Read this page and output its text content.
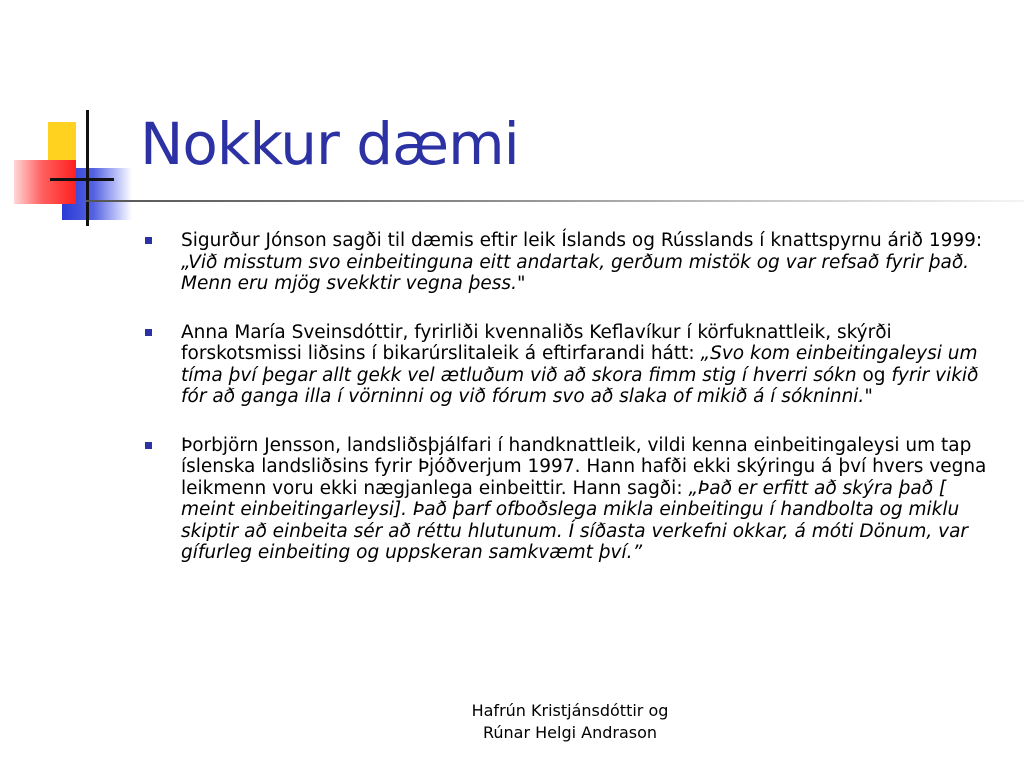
Nokkur dæmi
Sigurður Jónson sagði til dæmis eftir leik Íslands og Rússlands í knattspyrnu árið 1999: „Við misstum svo einbeitinguna eitt andartak, gerðum mistök og var refsað fyrir það. Menn eru mjög svekktir vegna þess."
Anna María Sveinsdóttir, fyrirliði kvennaliðs Keflavíkur í körfuknattleik, skýrði forskotsmissi liðsins í bikarúrslitaleik á eftirfarandi hátt: „Svo kom einbeitingaleysi um tíma því þegar allt gekk vel ætluðum við að skora fimm stig í hverri sókn og fyrir vikið fór að ganga illa í vörninni og við fórum svo að slaka of mikið á í sókninni."
Þorbjörn Jensson, landsliðsþjálfari í handknattleik, vildi kenna einbeitingaleysi um tap íslenska landsliðsins fyrir Þjóðverjum 1997. Hann hafði ekki skýringu á því hvers vegna leikmenn voru ekki nægjanlega einbeittir. Hann sagði: „Það er erfitt að skýra það [ meint einbeitingarleysi]. Það þarf ofboðslega mikla einbeitingu í handbolta og miklu skiptir að einbeita sér að réttu hlutunum. Í síðasta verkefni okkar, á móti Dönum, var gífurleg einbeiting og uppskeran samkvæmt því.”
Hafrún Kristjánsdóttir og
Rúnar Helgi Andrason
